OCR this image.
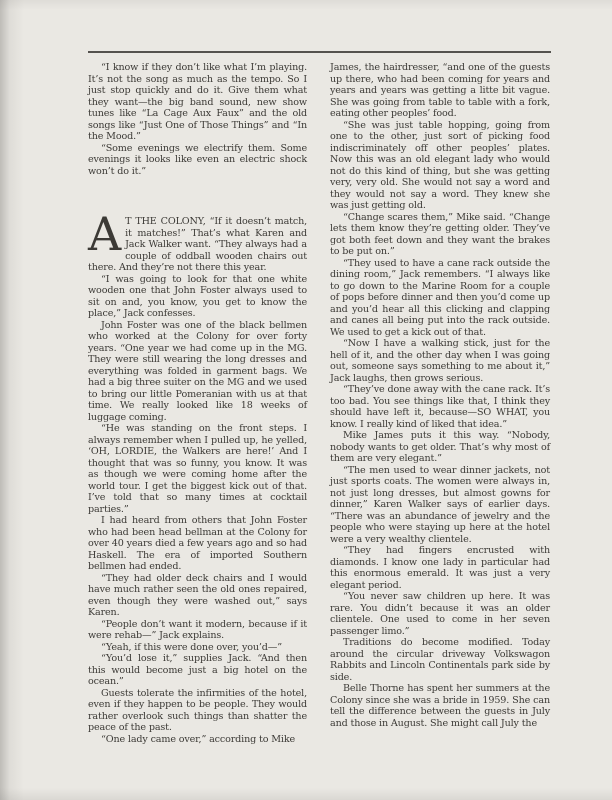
“I know if they don’t like what I’m playing. It’s not the song as much as the tempo. So I just stop quickly and do it. Give them what they want—the big band sound, new show tunes like “La Cage Aux Faux” and the old songs like “Just One of Those Things” and “In the Mood.”

“Some evenings we electrify them. Some evenings it looks like even an electric shock won’t do it.”

A T THE COLONY, “If it doesn’t match, it matches!” That’s what Karen and Jack Walker want. “They always had a couple of oddball wooden chairs out there. And they’re not there this year.

“I was going to look for that one white wooden one that John Foster always used to sit on and, you know, you get to know the place,” Jack confesses.

John Foster was one of the black bellmen who worked at the Colony for over forty years. “One year we had come up in the MG. They were still wearing the long dresses and everything was folded in garment bags. We had a big three suiter on the MG and we used to bring our little Pomeranian with us at that time. We really looked like 18 weeks of luggage coming.

“He was standing on the front steps. I always remember when I pulled up, he yelled, ‘OH, LORDIE, the Walkers are here!’ And I thought that was so funny, you know. It was as though we were coming home after the world tour. I get the biggest kick out of that. I’ve told that so many times at cocktail parties.”

I had heard from others that John Foster who had been head bellman at the Colony for over 40 years died a few years ago and so had Haskell. The era of imported Southern bellmen had ended.

“They had older deck chairs and I would have much rather seen the old ones repaired, even though they were washed out,” says Karen.

“People don’t want it modern, because if it were rehab—” Jack explains.

“Yeah, if this were done over, you’d—”

“You’d lose it,” supplies Jack. “And then this would become just a big hotel on the ocean.”

Guests tolerate the infirmities of the hotel, even if they happen to be people. They would rather overlook such things than shatter the peace of the past.

“One lady came over,” according to Mike

James, the hairdresser, “and one of the guests up there, who had been coming for years and years and years was getting a litte bit vague. She was going from table to table with a fork, eating other peoples’ food.

“She was just table hopping, going from one to the other, just sort of picking food indiscriminately off other peoples’ plates. Now this was an old elegant lady who would not do this kind of thing, but she was getting very, very old. She would not say a word and they would not say a word. They knew she was just getting old.

“Change scares them,” Mike said. “Change lets them know they’re getting older. They’ve got both feet down and they want the brakes to be put on.”

“They used to have a cane rack outside the dining room,” Jack remembers. “I always like to go down to the Marine Room for a couple of pops before dinner and then you’d come up and you’d hear all this clicking and clapping and canes all being put into the rack outside. We used to get a kick out of that.

“Now I have a walking stick, just for the hell of it, and the other day when I was going out, someone says something to me about it,” Jack laughs, then grows serious.

“They’ve done away with the cane rack. It’s too bad. You see things like that, I think they should have left it, because—SO WHAT, you know. I really kind of liked that idea.”

Mike James puts it this way. “Nobody, nobody wants to get older. That’s why most of them are very elegant.”

“The men used to wear dinner jackets, not just sports coats. The women were always in, not just long dresses, but almost gowns for dinner,” Karen Walker says of earlier days. “There was an abundance of jewelry and the people who were staying up here at the hotel were a very wealthy clientele.

“They had fingers encrusted with diamonds. I know one lady in particular had this enormous emerald. It was just a very elegant period.

“You never saw children up here. It was rare. You didn’t because it was an older clientele. One used to come in her seven passenger limo.”

Traditions do become modified. Today around the circular driveway Volkswagon Rabbits and Lincoln Continentals park side by side.

Belle Thorne has spent her summers at the Colony since she was a bride in 1959. She can tell the difference between the guests in July and those in August. She might call July the
